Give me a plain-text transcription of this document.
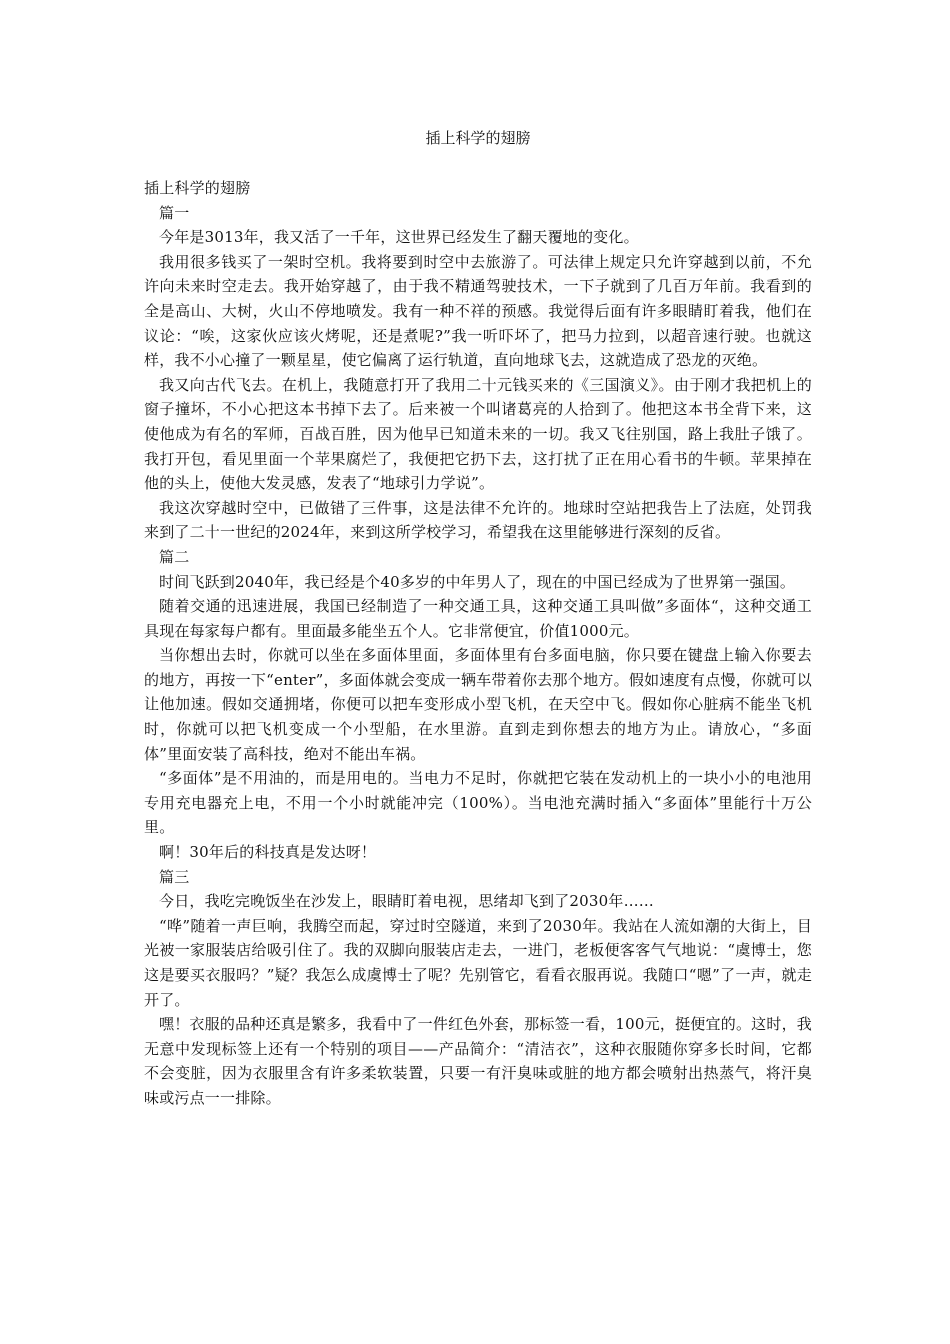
插上科学的翅膀

插上科学的翅膀

篇一

今年是3013年，我又活了一千年，这世界已经发生了翻天覆地的变化。

我用很多钱买了一架时空机。我将要到时空中去旅游了。可法律上规定只允许穿越到以前，不允许向未来时空走去。我开始穿越了，由于我不精通驾驶技术，一下子就到了几百万年前。我看到的全是高山、大树，火山不停地喷发。我有一种不祥的预感。我觉得后面有许多眼睛盯着我，他们在议论：“唉，这家伙应该火烤呢，还是煮呢?”我一听吓坏了，把马力拉到，以超音速行驶。也就这样，我不小心撞了一颗星星，使它偏离了运行轨道，直向地球飞去，这就造成了恐龙的灭绝。

我又向古代飞去。在机上，我随意打开了我用二十元钱买来的《三国演义》。由于刚才我把机上的窗子撞坏，不小心把这本书掉下去了。后来被一个叫诸葛亮的人拾到了。他把这本书全背下来，这使他成为有名的军师，百战百胜，因为他早已知道未来的一切。我又飞往别国，路上我肚子饿了。我打开包，看见里面一个苹果腐烂了，我便把它扔下去，这打扰了正在用心看书的牛顿。苹果掉在他的头上，使他大发灵感，发表了“地球引力学说”。

我这次穿越时空中，已做错了三件事，这是法律不允许的。地球时空站把我告上了法庭，处罚我来到了二十一世纪的2024年，来到这所学校学习，希望我在这里能够进行深刻的反省。

篇二

时间飞跃到2040年，我已经是个40多岁的中年男人了，现在的中国已经成为了世界第一强国。

随着交通的迅速进展，我国已经制造了一种交通工具，这种交通工具叫做”多面体“，这种交通工具现在每家每户都有。里面最多能坐五个人。它非常便宜，价值1000元。

当你想出去时，你就可以坐在多面体里面，多面体里有台多面电脑，你只要在键盘上输入你要去的地方，再按一下“enter”，多面体就会变成一辆车带着你去那个地方。假如速度有点慢，你就可以让他加速。假如交通拥堵，你便可以把车变形成小型飞机，在天空中飞。假如你心脏病不能坐飞机时，你就可以把飞机变成一个小型船，在水里游。直到走到你想去的地方为止。请放心，“多面体”里面安装了高科技，绝对不能出车祸。

“多面体”是不用油的，而是用电的。当电力不足时，你就把它装在发动机上的一块小小的电池用专用充电器充上电，不用一个小时就能冲完（100%）。当电池充满时插入“多面体”里能行十万公里。

啊！30年后的科技真是发达呀！

篇三

今日，我吃完晚饭坐在沙发上，眼睛盯着电视，思绪却飞到了2030年……

“哗”随着一声巨响，我腾空而起，穿过时空隧道，来到了2030年。我站在人流如潮的大街上，目光被一家服装店给吸引住了。我的双脚向服装店走去，一进门，老板便客客气气地说：“虞博士，您这是要买衣服吗？”疑？我怎么成虞博士了呢？先别管它，看看衣服再说。我随口“嗯”了一声，就走开了。

嘿！衣服的品种还真是繁多，我看中了一件红色外套，那标签一看，100元，挺便宜的。这时，我无意中发现标签上还有一个特别的项目——产品简介：“清洁衣”，这种衣服随你穿多长时间，它都不会变脏，因为衣服里含有许多柔软装置，只要一有汗臭味或脏的地方都会喷射出热蒸气，将汗臭味或污点一一排除。
